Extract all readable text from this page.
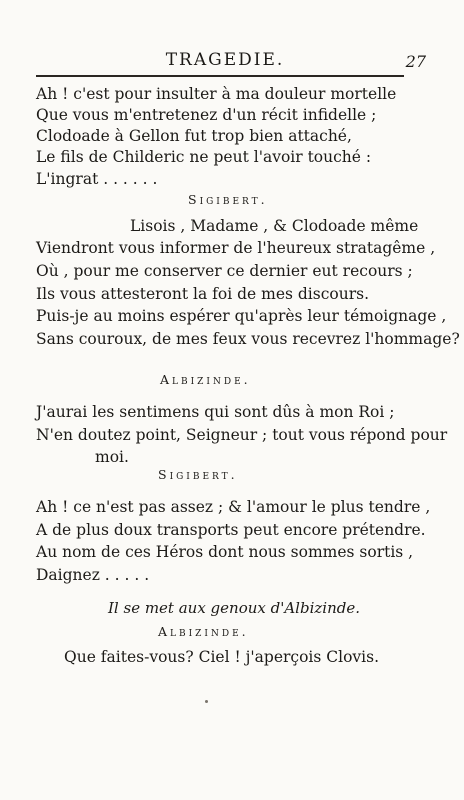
TRAGEDIE.	27
Ah ! c'est pour insulter à ma douleur mortelle
Que vous m'entretenez d'un récit infidelle ;
Clodoade à Gellon fut trop bien attaché,
Le fils de Childeric ne peut l'avoir touché :
L'ingrat . . . . . .
Sigibert.
Lisois , Madame , & Clodoade même
Viendront vous informer de l'heureux stratagême ,
Où , pour me conserver ce dernier eut recours ;
Ils vous attesteront la foi de mes discours.
Puis-je au moins espérer qu'après leur témoignage ,
Sans couroux, de mes feux vous recevrez l'hommage?
Albizinde.
J'aurai les sentimens qui sont dûs à mon Roi ;
N'en doutez point, Seigneur ; tout vous répond pour
moi.
Sigibert.
Ah ! ce n'est pas assez ; & l'amour le plus tendre ,
A de plus doux transports peut encore prétendre.
Au nom de ces Héros dont nous sommes sortis ,
Daignez . . . . .
Il se met aux genoux d'Albizinde.
Albizinde.
Que faites-vous? Ciel ! j'aperçois Clovis.
